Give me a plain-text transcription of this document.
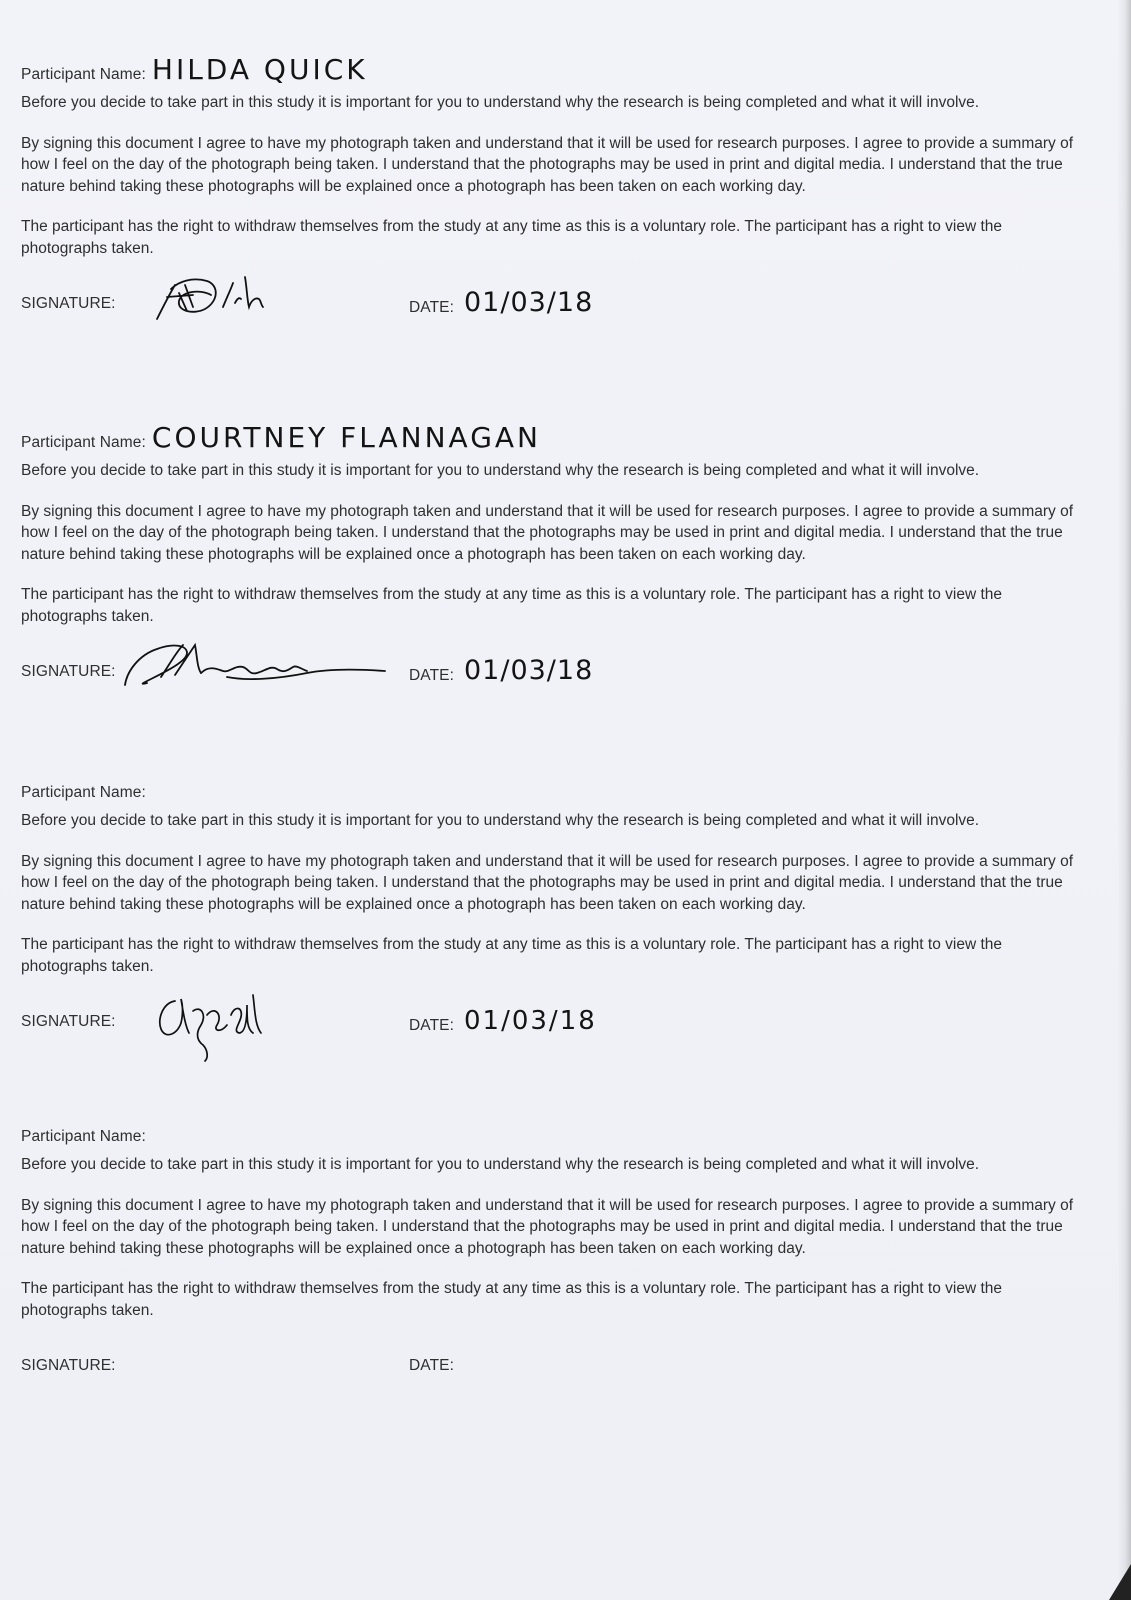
Participant Name: HILDA QUICK

Before you decide to take part in this study it is important for you to understand why the research is being completed and what it will involve.

By signing this document I agree to have my photograph taken and understand that it will be used for research purposes. I agree to provide a summary of how I feel on the day of the photograph being taken. I understand that the photographs may be used in print and digital media. I understand that the true nature behind taking these photographs will be explained once a photograph has been taken on each working day.

The participant has the right to withdraw themselves from the study at any time as this is a voluntary role. The participant has a right to view the photographs taken.

SIGNATURE:	DATE: 01/03/18
Participant Name: COURTNEY FLANNAGAN

Before you decide to take part in this study it is important for you to understand why the research is being completed and what it will involve.

By signing this document I agree to have my photograph taken and understand that it will be used for research purposes. I agree to provide a summary of how I feel on the day of the photograph being taken. I understand that the photographs may be used in print and digital media. I understand that the true nature behind taking these photographs will be explained once a photograph has been taken on each working day.

The participant has the right to withdraw themselves from the study at any time as this is a voluntary role. The participant has a right to view the photographs taken.

SIGNATURE:	DATE: 01/03/18
Participant Name:

Before you decide to take part in this study it is important for you to understand why the research is being completed and what it will involve.

By signing this document I agree to have my photograph taken and understand that it will be used for research purposes. I agree to provide a summary of how I feel on the day of the photograph being taken. I understand that the photographs may be used in print and digital media. I understand that the true nature behind taking these photographs will be explained once a photograph has been taken on each working day.

The participant has the right to withdraw themselves from the study at any time as this is a voluntary role. The participant has a right to view the photographs taken.

SIGNATURE:	DATE: 01/03/18
Participant Name:

Before you decide to take part in this study it is important for you to understand why the research is being completed and what it will involve.

By signing this document I agree to have my photograph taken and understand that it will be used for research purposes. I agree to provide a summary of how I feel on the day of the photograph being taken. I understand that the photographs may be used in print and digital media. I understand that the true nature behind taking these photographs will be explained once a photograph has been taken on each working day.

The participant has the right to withdraw themselves from the study at any time as this is a voluntary role. The participant has a right to view the photographs taken.

SIGNATURE:	DATE:
